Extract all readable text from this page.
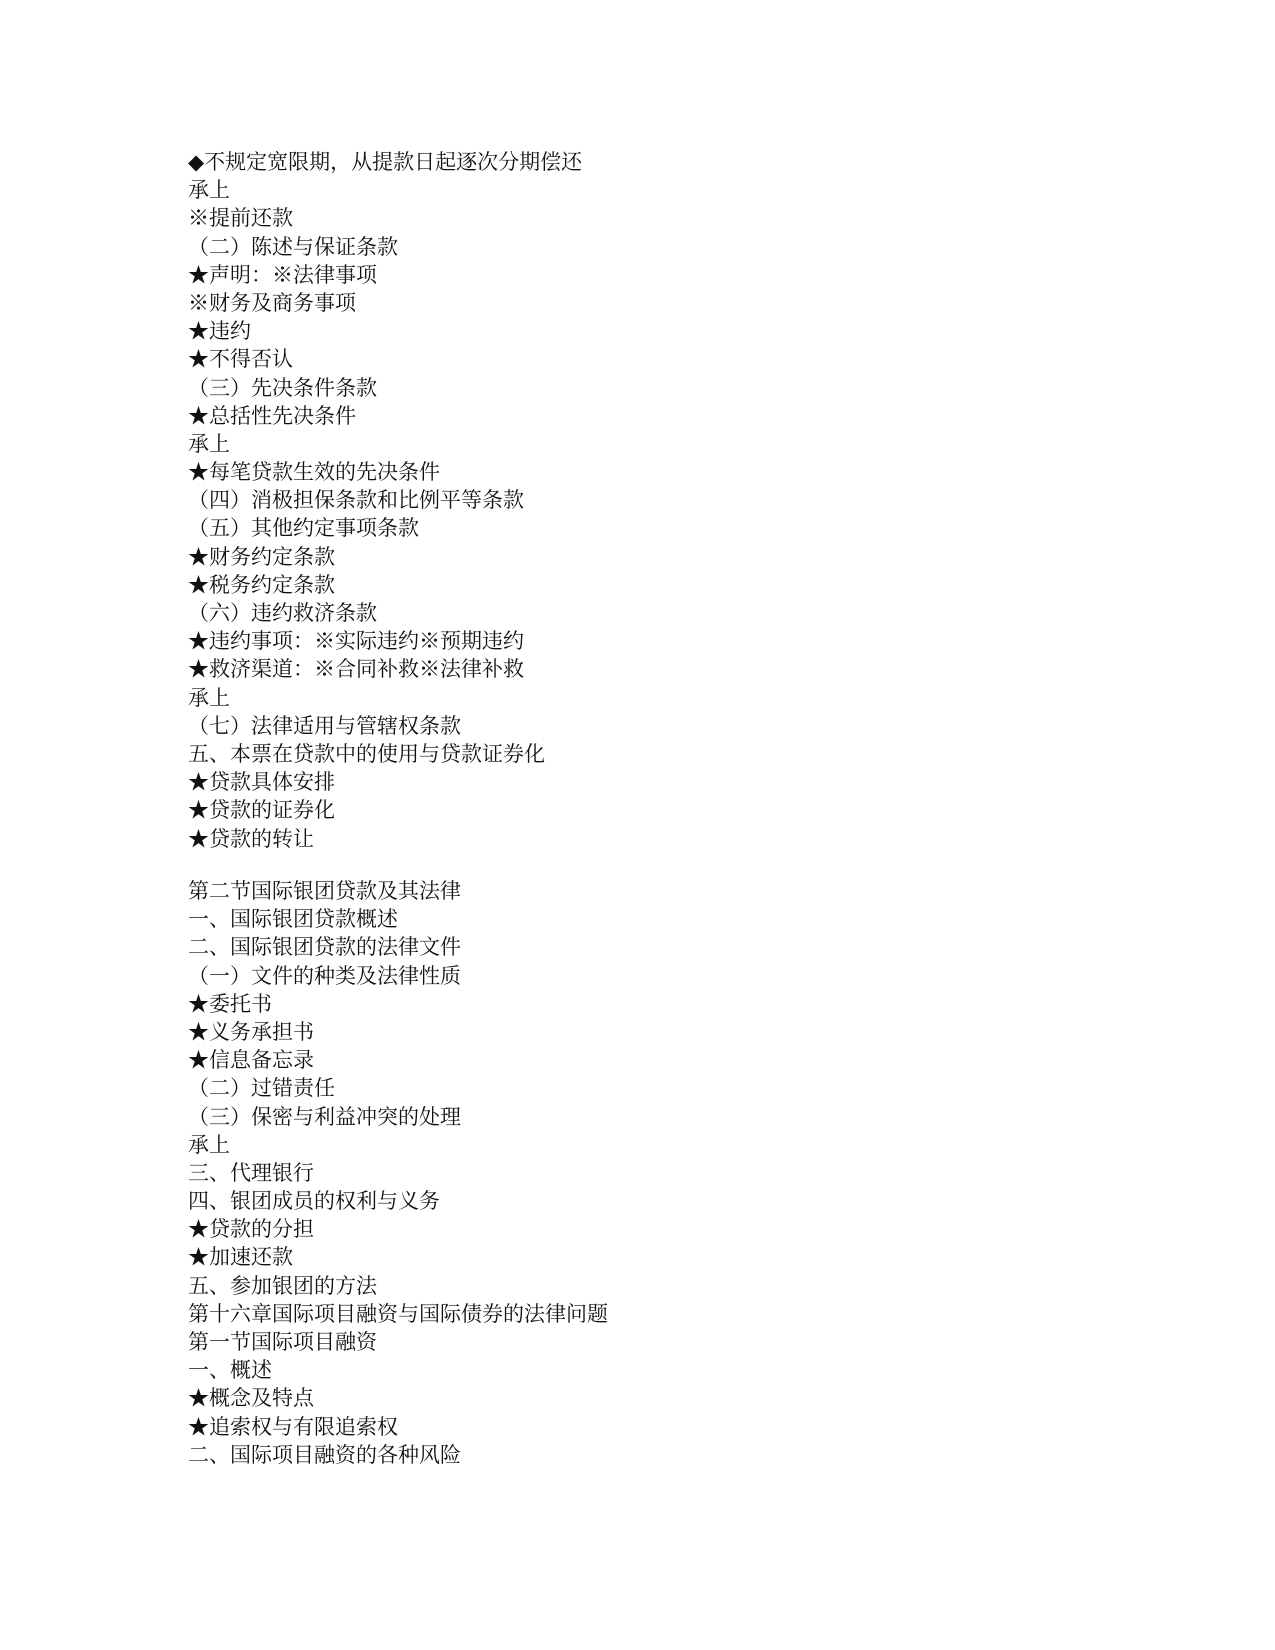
◆不规定宽限期，从提款日起逐次分期偿还
承上
※提前还款
（二）陈述与保证条款
★声明：※法律事项
※财务及商务事项
★违约
★不得否认
（三）先决条件条款
★总括性先决条件
承上
★每笔贷款生效的先决条件
（四）消极担保条款和比例平等条款
（五）其他约定事项条款
★财务约定条款
★税务约定条款
（六）违约救济条款
★违约事项：※实际违约※预期违约
★救济渠道：※合同补救※法律补救
承上
（七）法律适用与管辖权条款
五、本票在贷款中的使用与贷款证券化
★贷款具体安排
★贷款的证券化
★贷款的转让
第二节国际银团贷款及其法律
一、国际银团贷款概述
二、国际银团贷款的法律文件
（一）文件的种类及法律性质
★委托书
★义务承担书
★信息备忘录
（二）过错责任
（三）保密与利益冲突的处理
承上
三、代理银行
四、银团成员的权利与义务
★贷款的分担
★加速还款
五、参加银团的方法
第十六章国际项目融资与国际债券的法律问题
第一节国际项目融资
一、概述
★概念及特点
★追索权与有限追索权
二、国际项目融资的各种风险
